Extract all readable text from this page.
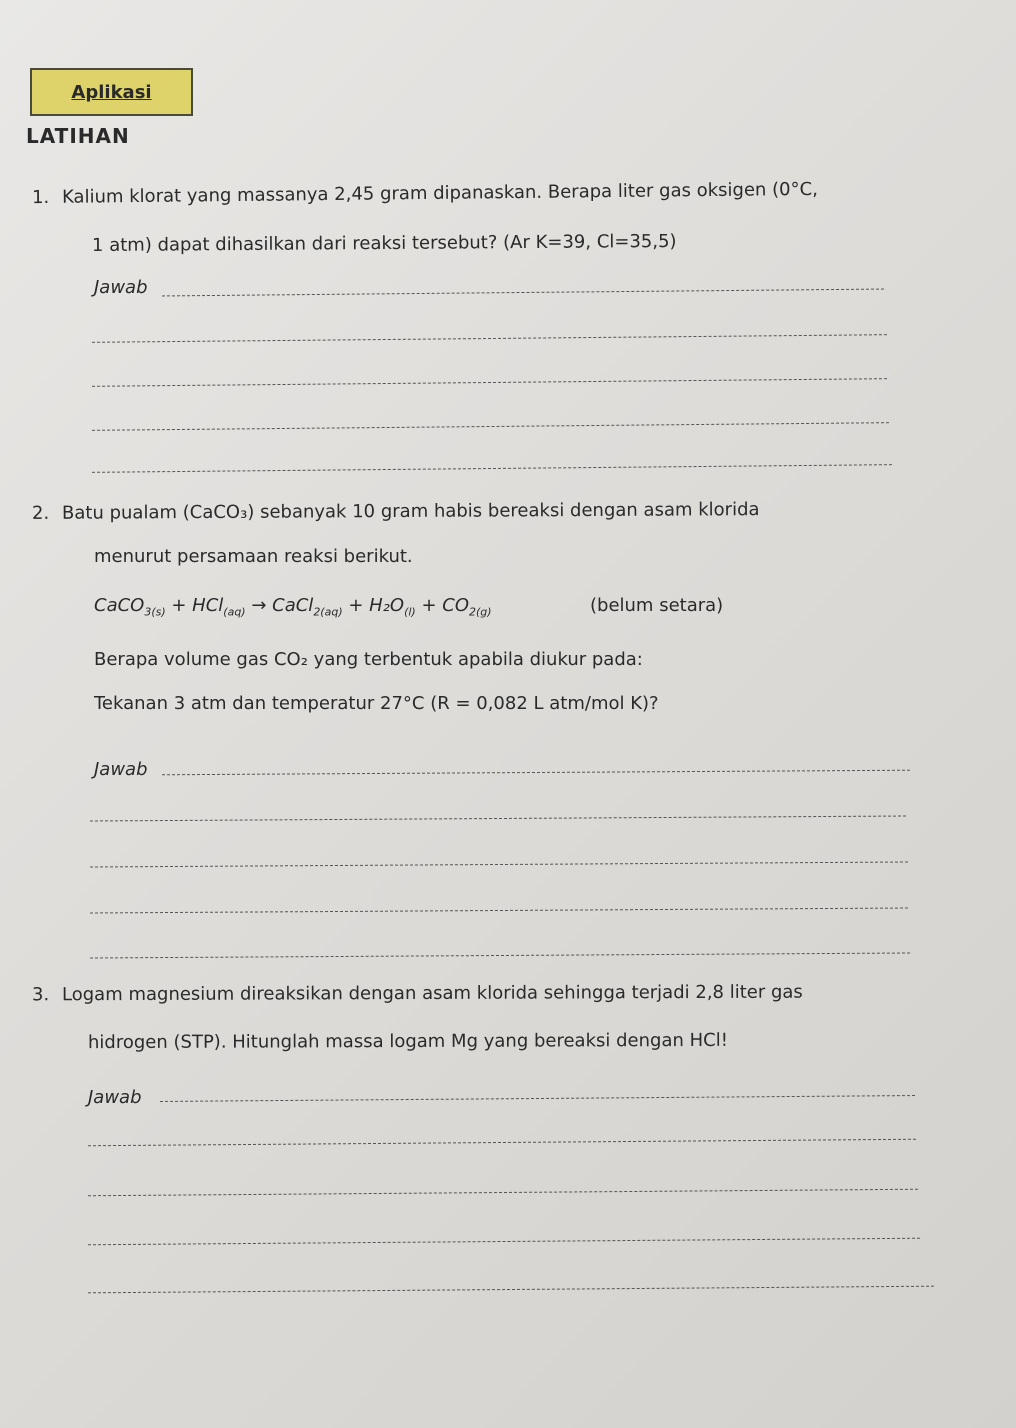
Aplikasi
LATIHAN
1. Kalium klorat yang massanya 2,45 gram dipanaskan. Berapa liter gas oksigen (0°C,
1 atm) dapat dihasilkan dari reaksi tersebut? (Ar K=39, Cl=35,5)
Jawab
2. Batu pualam (CaCO₃) sebanyak 10 gram habis bereaksi dengan asam klorida
menurut persamaan reaksi berikut.
CaCO$_{3(s)}$ + HCl$_{(aq)}$ → CaCl$_{2(aq)}$ + $H_2O_{(l)} + CO_{2(g)}$	(belum setara)
Berapa volume gas CO₂ yang terbentuk apabila diukur pada:
Tekanan 3 atm dan temperatur 27°C (R = 0,082 L atm/mol K)?
Jawab
3. Logam magnesium direaksikan dengan asam klorida sehingga terjadi 2,8 liter gas
hidrogen (STP). Hitunglah massa logam Mg yang bereaksi dengan HCl!
Jawab
